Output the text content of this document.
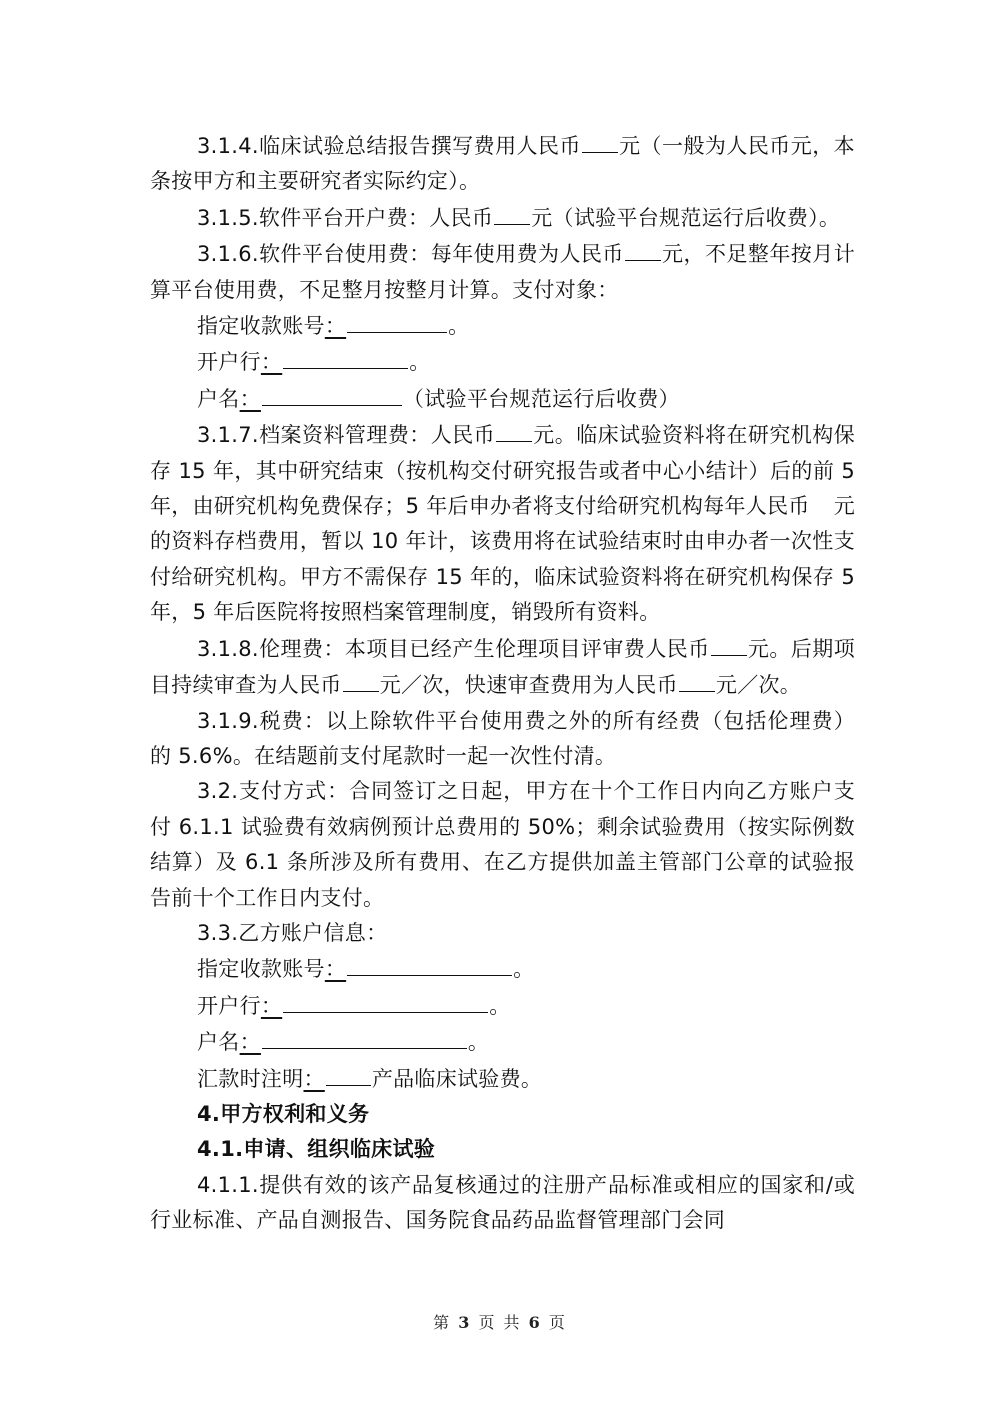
3.1.4.临床试验总结报告撰写费用人民币 元（一般为人民币元，本条按甲方和主要研究者实际约定）。

3.1.5.软件平台开户费：人民币 元（试验平台规范运行后收费）。

3.1.6.软件平台使用费：每年使用费为人民币 元，不足整年按月计算平台使用费，不足整月按整月计算。支付对象：

指定收款账号：	。

开户行：	。

户名：	（试验平台规范运行后收费）

3.1.7.档案资料管理费：人民币 元。临床试验资料将在研究机构保存 15 年，其中研究结束（按机构交付研究报告或者中心小结计）后的前 5 年，由研究机构免费保存；5 年后申办者将支付给研究机构每年人民币 元的资料存档费用，暂以 10 年计，该费用将在试验结束时由申办者一次性支付给研究机构。甲方不需保存 15 年的，临床试验资料将在研究机构保存 5 年，5 年后医院将按照档案管理制度，销毁所有资料。

3.1.8.伦理费：本项目已经产生伦理项目评审费人民币 元。后期项目持续审查为人民币 元／次，快速审查费用为人民币 元／次。

3.1.9.税费：以上除软件平台使用费之外的所有经费（包括伦理费）的 5.6%。在结题前支付尾款时一起一次性付清。

3.2.支付方式：合同签订之日起，甲方在十个工作日内向乙方账户支付 6.1.1 试验费有效病例预计总费用的 50%；剩余试验费用（按实际例数结算）及 6.1 条所涉及所有费用、在乙方提供加盖主管部门公章的试验报告前十个工作日内支付。

3.3.乙方账户信息：

指定收款账号：	。

开户行：	。

户名：	。

汇款时注明： 产品临床试验费。

4.甲方权利和义务

4.1.申请、组织临床试验

4.1.1.提供有效的该产品复核通过的注册产品标准或相应的国家和/或行业标准、产品自测报告、国务院食品药品监督管理部门会同

第 3 页 共 6 页
